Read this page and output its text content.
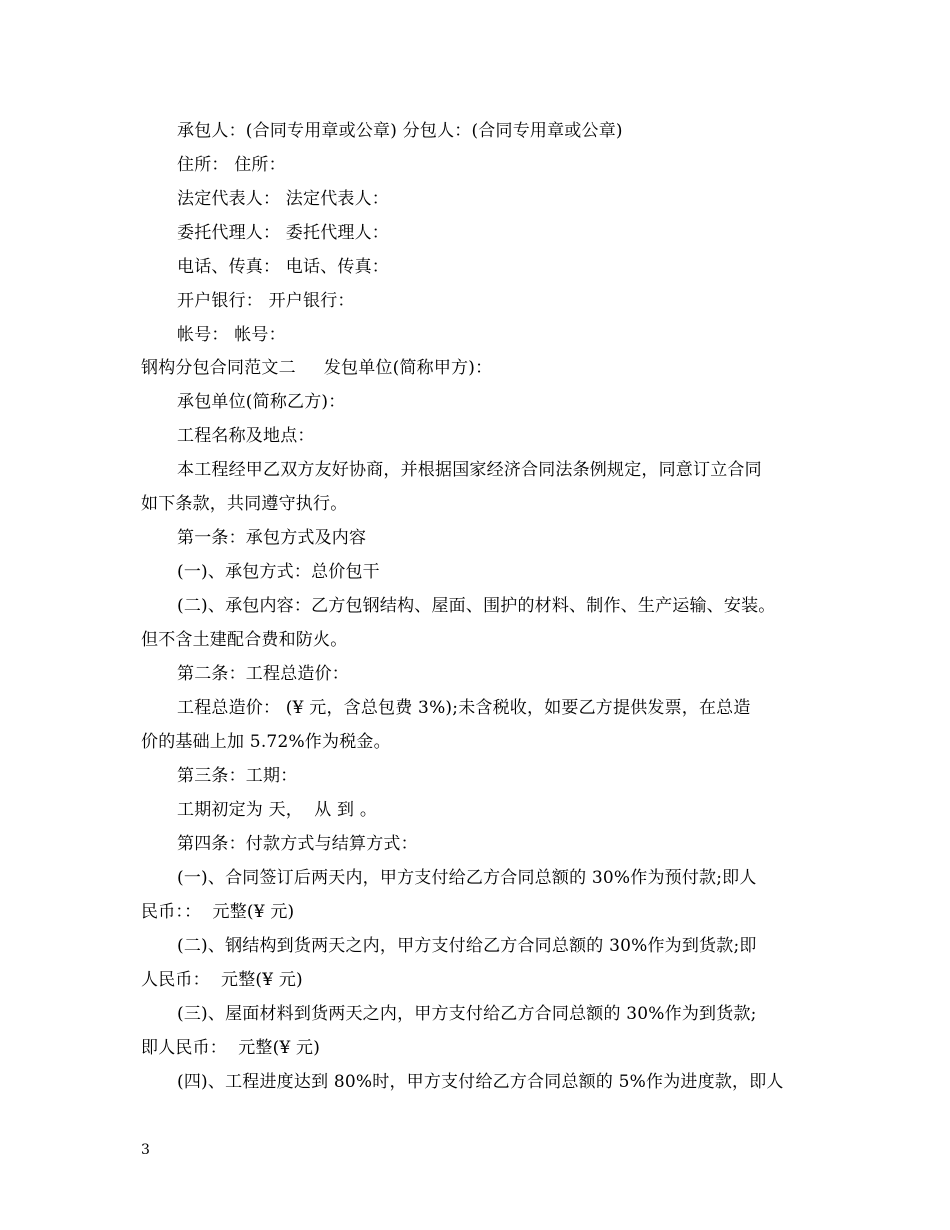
承包人：(合同专用章或公章) 分包人：(合同专用章或公章)
住所： 住所：
法定代表人： 法定代表人：
委托代理人： 委托代理人：
电话、传真： 电话、传真：
开户银行： 开户银行：
帐号： 帐号：
钢构分包合同范文二     发包单位(简称甲方)：
承包单位(简称乙方)：
工程名称及地点：
本工程经甲乙双方友好协商，并根据国家经济合同法条例规定，同意订立合同
如下条款，共同遵守执行。
第一条：承包方式及内容
(一)、承包方式：总价包干
(二)、承包内容：乙方包钢结构、屋面、围护的材料、制作、生产运输、安装。
但不含土建配合费和防火。
第二条：工程总造价：
工程总造价： (¥ 元，含总包费 3%);未含税收，如要乙方提供发票，在总造
价的基础上加 5.72%作为税金。
第三条：工期：
工期初定为 天，  从 到 。
第四条：付款方式与结算方式：
(一)、合同签订后两天内，甲方支付给乙方合同总额的 30%作为预付款;即人
民币：：  元整(¥ 元)
(二)、钢结构到货两天之内，甲方支付给乙方合同总额的 30%作为到货款;即
人民币：  元整(¥ 元)
(三)、屋面材料到货两天之内，甲方支付给乙方合同总额的 30%作为到货款;
即人民币：  元整(¥ 元)
(四)、工程进度达到 80%时，甲方支付给乙方合同总额的 5%作为进度款，即人
3
